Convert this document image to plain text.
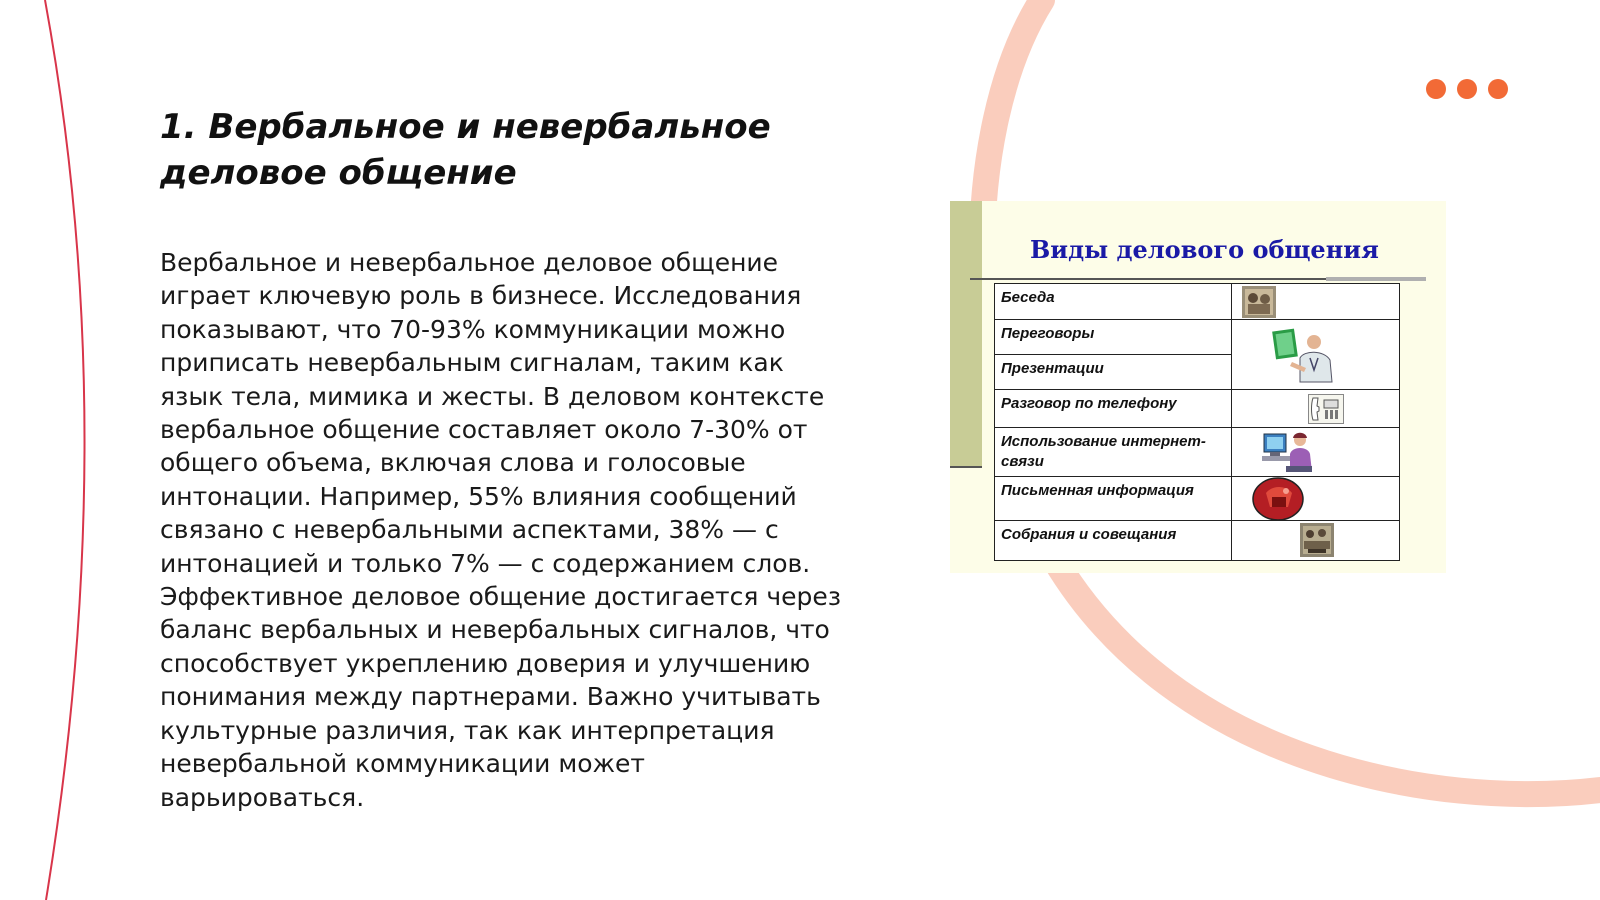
1. Вербальное и невербальное деловое общение

Вербальное и невербальное деловое общение играет ключевую роль в бизнесе. Исследования показывают, что 70-93% коммуникации можно приписать невербальным сигналам, таким как язык тела, мимика и жесты. В деловом контексте вербальное общение составляет около 7-30% от общего объема, включая слова и голосовые интонации. Например, 55% влияния сообщений связано с невербальными аспектами, 38% — с интонацией и только 7% — с содержанием слов. Эффективное деловое общение достигается через баланс вербальных и невербальных сигналов, что способствует укреплению доверия и улучшению понимания между партнерами. Важно учитывать культурные различия, так как интерпретация невербальной коммуникации может варьироваться.

Виды делового общения
Беседа	

Переговоры	

Презентации	
Разговор по телефону	

Использование интернет-связи	

Письменная информация	

Собрания и совещания	
